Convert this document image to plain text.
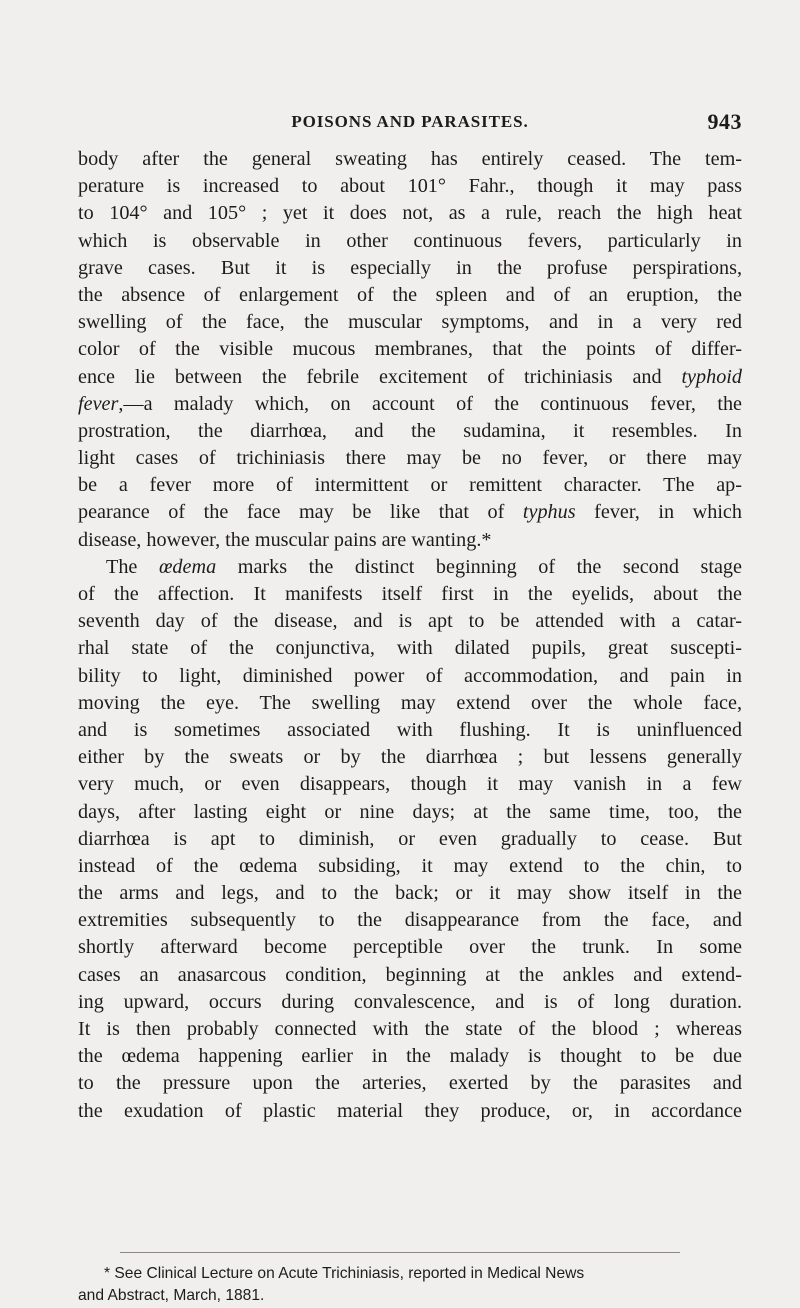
POISONS AND PARASITES.	943
body after the general sweating has entirely ceased. The tem-
perature is increased to about 101° Fahr., though it may pass
to 104° and 105° ; yet it does not, as a rule, reach the high heat
which is observable in other continuous fevers, particularly in
grave cases. But it is especially in the profuse perspirations,
the absence of enlargement of the spleen and of an eruption, the
swelling of the face, the muscular symptoms, and in a very red
color of the visible mucous membranes, that the points of differ-
ence lie between the febrile excitement of trichiniasis and typhoid
fever,—a malady which, on account of the continuous fever, the
prostration, the diarrhœa, and the sudamina, it resembles. In
light cases of trichiniasis there may be no fever, or there may
be a fever more of intermittent or remittent character. The ap-
pearance of the face may be like that of typhus fever, in which
disease, however, the muscular pains are wanting.*
The œdema marks the distinct beginning of the second stage
of the affection. It manifests itself first in the eyelids, about the
seventh day of the disease, and is apt to be attended with a catar-
rhal state of the conjunctiva, with dilated pupils, great suscepti-
bility to light, diminished power of accommodation, and pain in
moving the eye. The swelling may extend over the whole face,
and is sometimes associated with flushing. It is uninfluenced
either by the sweats or by the diarrhœa ; but lessens generally
very much, or even disappears, though it may vanish in a few
days, after lasting eight or nine days; at the same time, too, the
diarrhœa is apt to diminish, or even gradually to cease. But
instead of the œdema subsiding, it may extend to the chin, to
the arms and legs, and to the back; or it may show itself in the
extremities subsequently to the disappearance from the face, and
shortly afterward become perceptible over the trunk. In some
cases an anasarcous condition, beginning at the ankles and extend-
ing upward, occurs during convalescence, and is of long duration.
It is then probably connected with the state of the blood ; whereas
the œdema happening earlier in the malady is thought to be due
to the pressure upon the arteries, exerted by the parasites and
the exudation of plastic material they produce, or, in accordance
* See Clinical Lecture on Acute Trichiniasis, reported in Medical News
and Abstract, March, 1881.
